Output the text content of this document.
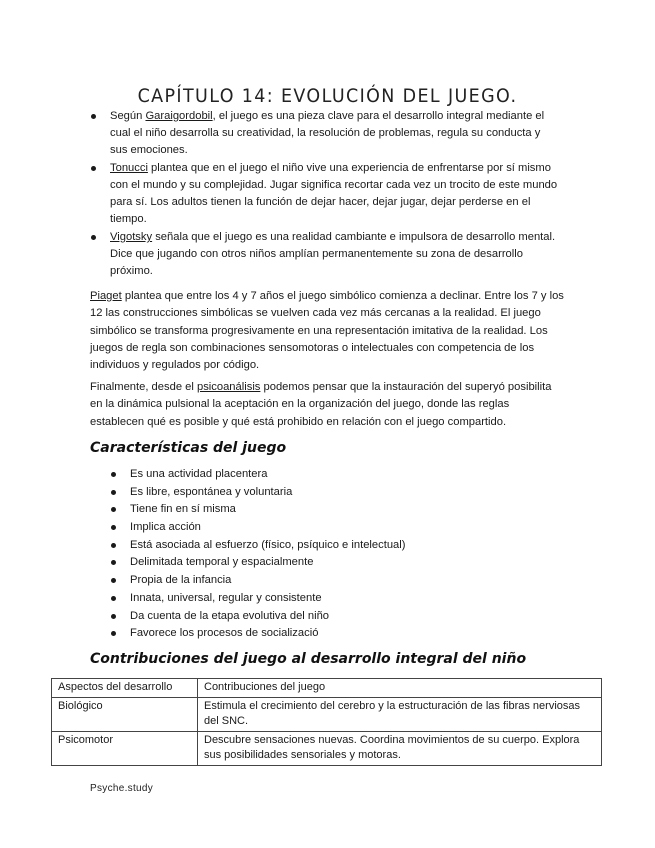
CAPÍTULO 14: EVOLUCIÓN DEL JUEGO.
Según Garaigordobil, el juego es una pieza clave para el desarrollo integral mediante el cual el niño desarrolla su creatividad, la resolución de problemas, regula su conducta y sus emociones.
Tonucci plantea que en el juego el niño vive una experiencia de enfrentarse por sí mismo con el mundo y su complejidad. Jugar significa recortar cada vez un trocito de este mundo para sí. Los adultos tienen la función de dejar hacer, dejar jugar, dejar perderse en el tiempo.
Vigotsky señala que el juego es una realidad cambiante e impulsora de desarrollo mental. Dice que jugando con otros niños amplían permanentemente su zona de desarrollo próximo.

Piaget plantea que entre los 4 y 7 años el juego simbólico comienza a declinar. Entre los 7 y los 12 las construcciones simbólicas se vuelven cada vez más cercanas a la realidad. El juego simbólico se transforma progresivamente en una representación imitativa de la realidad. Los juegos de regla son combinaciones sensomotoras o intelectuales con competencia de los individuos y regulados por código.

Finalmente, desde el psicoanálisis podemos pensar que la instauración del superyó posibilita en la dinámica pulsional la aceptación en la organización del juego, donde las reglas establecen qué es posible y qué está prohibido en relación con el juego compartido.

Características del juego
Es una actividad placentera
Es libre, espontánea y voluntaria
Tiene fin en sí misma
Implica acción
Está asociada al esfuerzo (físico, psíquico e intelectual)
Delimitada temporal y espacialmente
Propia de la infancia
Innata, universal, regular y consistente
Da cuenta de la etapa evolutiva del niño
Favorece los procesos de socializació
Contribuciones del juego al desarrollo integral del niño
Aspectos del desarrollo	Contribuciones del juego
Biológico	Estimula el crecimiento del cerebro y la estructuración de las fibras nerviosas del SNC.
Psicomotor	Descubre sensaciones nuevas. Coordina movimientos de su cuerpo. Explora sus posibilidades sensoriales y motoras.
Psyche.study
